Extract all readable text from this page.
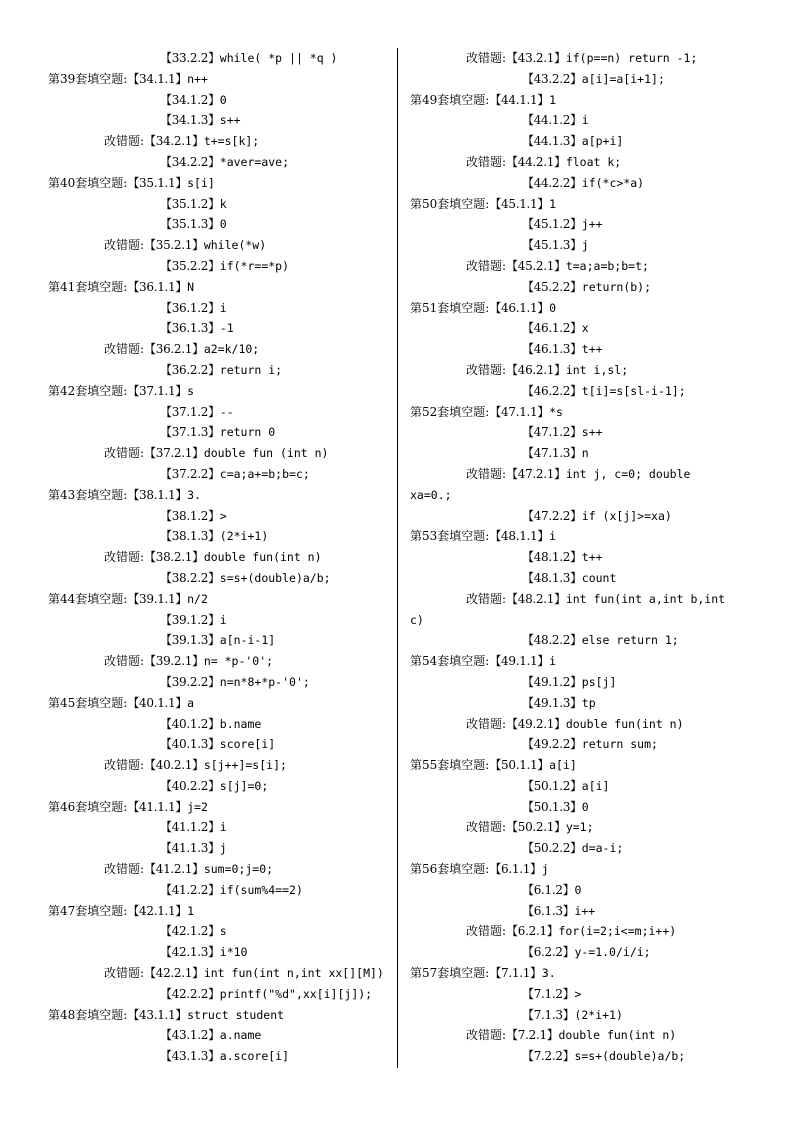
【33.2.2】while( *p || *q )
第39套填空题:【34.1.1】n++
【34.1.2】0
【34.1.3】s++
改错题:【34.2.1】t+=s[k];
【34.2.2】*aver=ave;
第40套填空题:【35.1.1】s[i]
【35.1.2】k
【35.1.3】0
改错题:【35.2.1】while(*w)
【35.2.2】if(*r==*p)
第41套填空题:【36.1.1】N
【36.1.2】i
【36.1.3】-1
改错题:【36.2.1】a2=k/10;
【36.2.2】return i;
第42套填空题:【37.1.1】s
【37.1.2】--
【37.1.3】return 0
改错题:【37.2.1】double fun (int n)
【37.2.2】c=a;a+=b;b=c;
第43套填空题:【38.1.1】3.
【38.1.2】>
【38.1.3】(2*i+1)
改错题:【38.2.1】double fun(int n)
【38.2.2】s=s+(double)a/b;
第44套填空题:【39.1.1】n/2
【39.1.2】i
【39.1.3】a[n-i-1]
改错题:【39.2.1】n= *p-'0';
【39.2.2】n=n*8+*p-'0';
第45套填空题:【40.1.1】a
【40.1.2】b.name
【40.1.3】score[i]
改错题:【40.2.1】s[j++]=s[i];
【40.2.2】s[j]=0;
第46套填空题:【41.1.1】j=2
【41.1.2】i
【41.1.3】j
改错题:【41.2.1】sum=0;j=0;
【41.2.2】if(sum%4==2)
第47套填空题:【42.1.1】1
【42.1.2】s
【42.1.3】i*10
改错题:【42.2.1】int fun(int n,int xx[][M])
【42.2.2】printf("%d",xx[i][j]);
第48套填空题:【43.1.1】struct student
【43.1.2】a.name
【43.1.3】a.score[i]
改错题:【43.2.1】if(p==n) return -1;
【43.2.2】a[i]=a[i+1];
第49套填空题:【44.1.1】1
【44.1.2】i
【44.1.3】a[p+i]
改错题:【44.2.1】float k;
【44.2.2】if(*c>*a)
第50套填空题:【45.1.1】1
【45.1.2】j++
【45.1.3】j
改错题:【45.2.1】t=a;a=b;b=t;
【45.2.2】return(b);
第51套填空题:【46.1.1】0
【46.1.2】x
【46.1.3】t++
改错题:【46.2.1】int i,sl;
【46.2.2】t[i]=s[sl-i-1];
第52套填空题:【47.1.1】*s
【47.1.2】s++
【47.1.3】n
改错题:【47.2.1】int j, c=0; double
xa=0.;
【47.2.2】if (x[j]>=xa)
第53套填空题:【48.1.1】i
【48.1.2】t++
【48.1.3】count
改错题:【48.2.1】int fun(int a,int b,int
c)
【48.2.2】else return 1;
第54套填空题:【49.1.1】i
【49.1.2】ps[j]
【49.1.3】tp
改错题:【49.2.1】double fun(int n)
【49.2.2】return sum;
第55套填空题:【50.1.1】a[i]
【50.1.2】a[i]
【50.1.3】0
改错题:【50.2.1】y=1;
【50.2.2】d=a-i;
第56套填空题:【6.1.1】j
【6.1.2】0
【6.1.3】i++
改错题:【6.2.1】for(i=2;i<=m;i++)
【6.2.2】y-=1.0/i/i;
第57套填空题:【7.1.1】3.
【7.1.2】>
【7.1.3】(2*i+1)
改错题:【7.2.1】double fun(int n)
【7.2.2】s=s+(double)a/b;
